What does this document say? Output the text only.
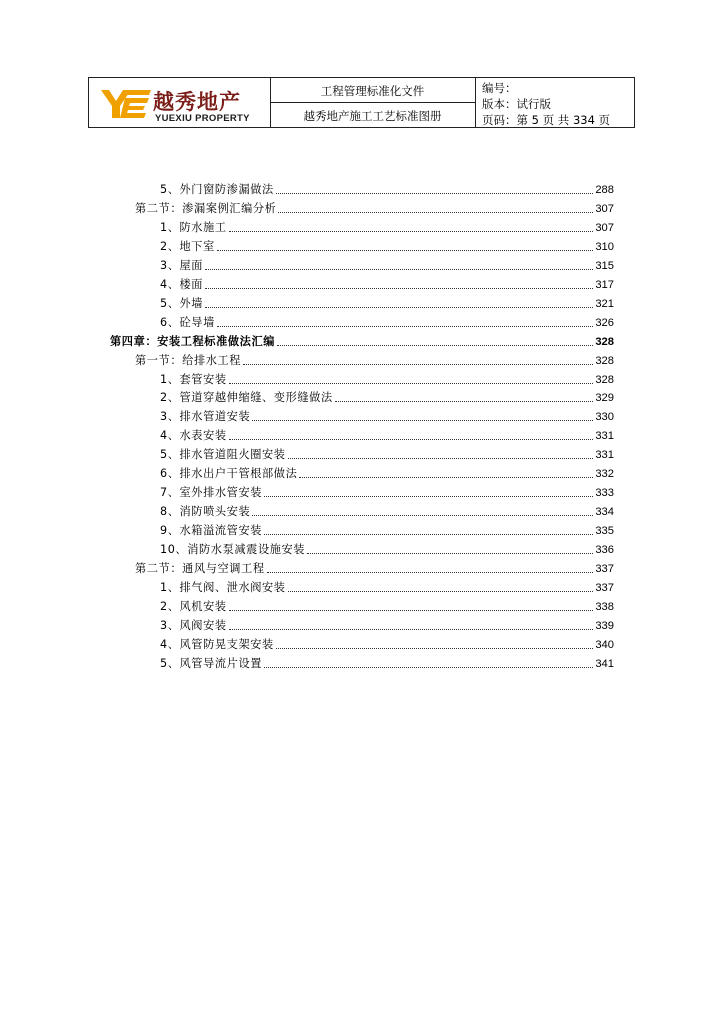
越秀地产
YUEXIU PROPERTY
工程管理标准化文件
越秀地产施工工艺标准图册
编号：
版本：试行版
页码：第 5 页 共 334 页
5、外门窗防渗漏做法	288
第二节：渗漏案例汇编分析	307
1、防水施工	307
2、地下室	310
3、屋面	315
4、楼面	317
5、外墙	321
6、砼导墙	326
第四章：安装工程标准做法汇编	328
第一节：给排水工程	328
1、套管安装	328
2、管道穿越伸缩缝、变形缝做法	329
3、排水管道安装	330
4、水表安装	331
5、排水管道阻火圈安装	331
6、排水出户干管根部做法	332
7、室外排水管安装	333
8、消防喷头安装	334
9、水箱溢流管安装	335
10、消防水泵减震设施安装	336
第二节：通风与空调工程	337
1、排气阀、泄水阀安装	337
2、风机安装	338
3、风阀安装	339
4、风管防晃支架安装	340
5、风管导流片设置	341
